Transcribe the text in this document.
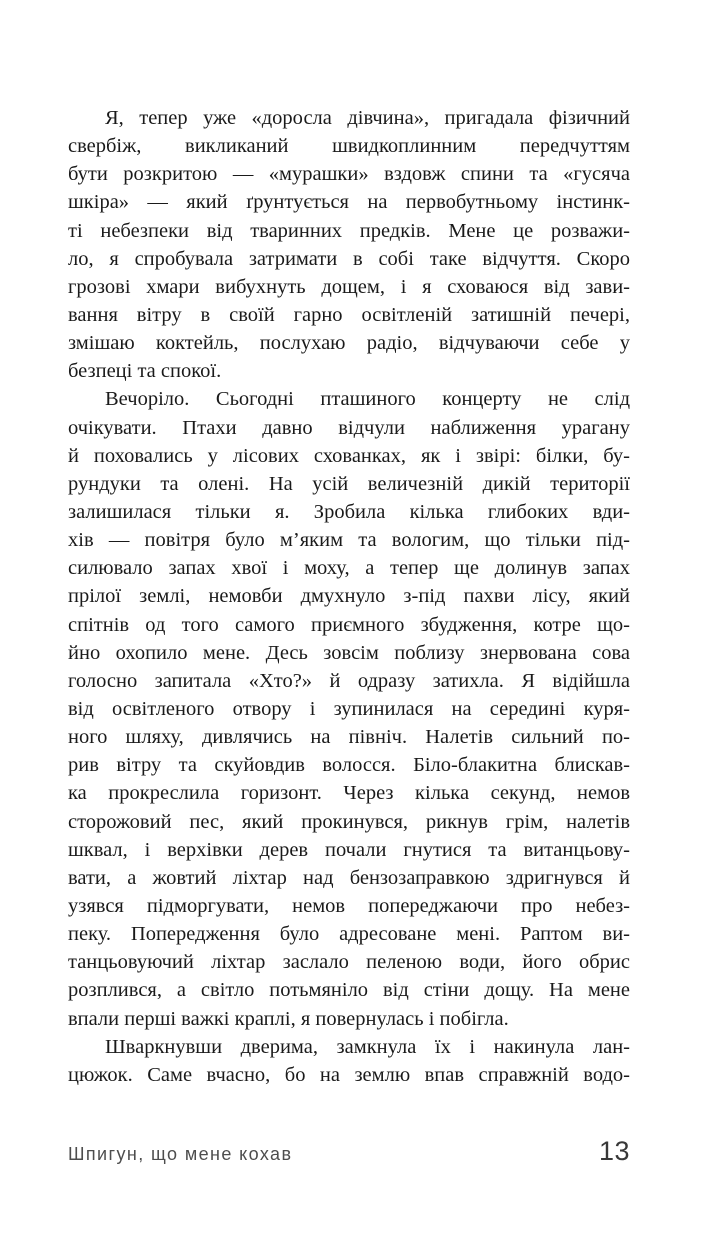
Я, тепер уже «доросла дівчина», пригадала фізичний
свербіж, викликаний швидкоплинним передчуттям
бути розкритою — «мурашки» вздовж спини та «гусяча
шкіра» — який ґрунтується на первобутньому інстинк-
ті небезпеки від тваринних предків. Мене це розважи-
ло, я спробувала затримати в собі таке відчуття. Скоро
грозові хмари вибухнуть дощем, і я сховаюся від зави-
вання вітру в своїй гарно освітленій затишній печері,
змішаю коктейль, послухаю радіо, відчуваючи себе у
безпеці та спокої.
Вечоріло. Сьогодні пташиного концерту не слід
очікувати. Птахи давно відчули наближення урагану
й поховались у лісових схованках, як і звірі: білки, бу-
рундуки та олені. На усій величезній дикій території
залишилася тільки я. Зробила кілька глибоких вди-
хів — повітря було м’яким та вологим, що тільки під-
силювало запах хвої і моху, а тепер ще долинув запах
прілої землі, немовби дмухнуло з-під пахви лісу, який
спітнів од того самого приємного збудження, котре що-
йно охопило мене. Десь зовсім поблизу знервована сова
голосно запитала «Хто?» й одразу затихла. Я відійшла
від освітленого отвору і зупинилася на середині куря-
ного шляху, дивлячись на північ. Налетів сильний по-
рив вітру та скуйовдив волосся. Біло-блакитна блискав-
ка прокреслила горизонт. Через кілька секунд, немов
сторожовий пес, який прокинувся, рикнув грім, налетів
шквал, і верхівки дерев почали гнутися та витанцьову-
вати, а жовтий ліхтар над бензозаправкою здригнувся й
узявся підморгувати, немов попереджаючи про небез-
пеку. Попередження було адресоване мені. Раптом ви-
танцьовуючий ліхтар заслало пеленою води, його обрис
розплився, а світло потьмяніло від стіни дощу. На мене
впали перші важкі краплі, я повернулась і побігла.
Шваркнувши дверима, замкнула їх і накинула лан-
цюжок. Саме вчасно, бо на землю впав справжній водо-
Шпигун, що мене кохав	13
